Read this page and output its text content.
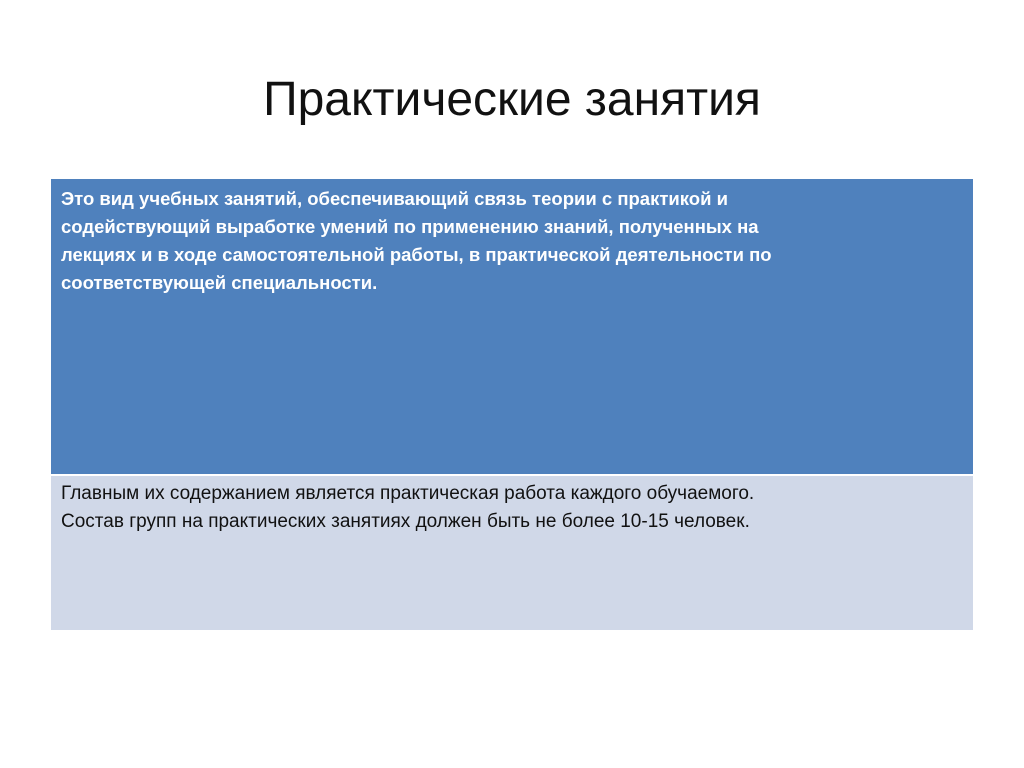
Практические занятия
Это вид учебных занятий, обеспечивающий связь теории с практикой и
содействующий выработке умений по применению знаний, полученных на
лекциях и в ходе самостоятельной работы, в практической деятельности по
соответствующей специальности.

Главным их содержанием является практическая работа каждого обучаемого.
Состав групп на практических занятиях должен быть не более 10-15 человек.
